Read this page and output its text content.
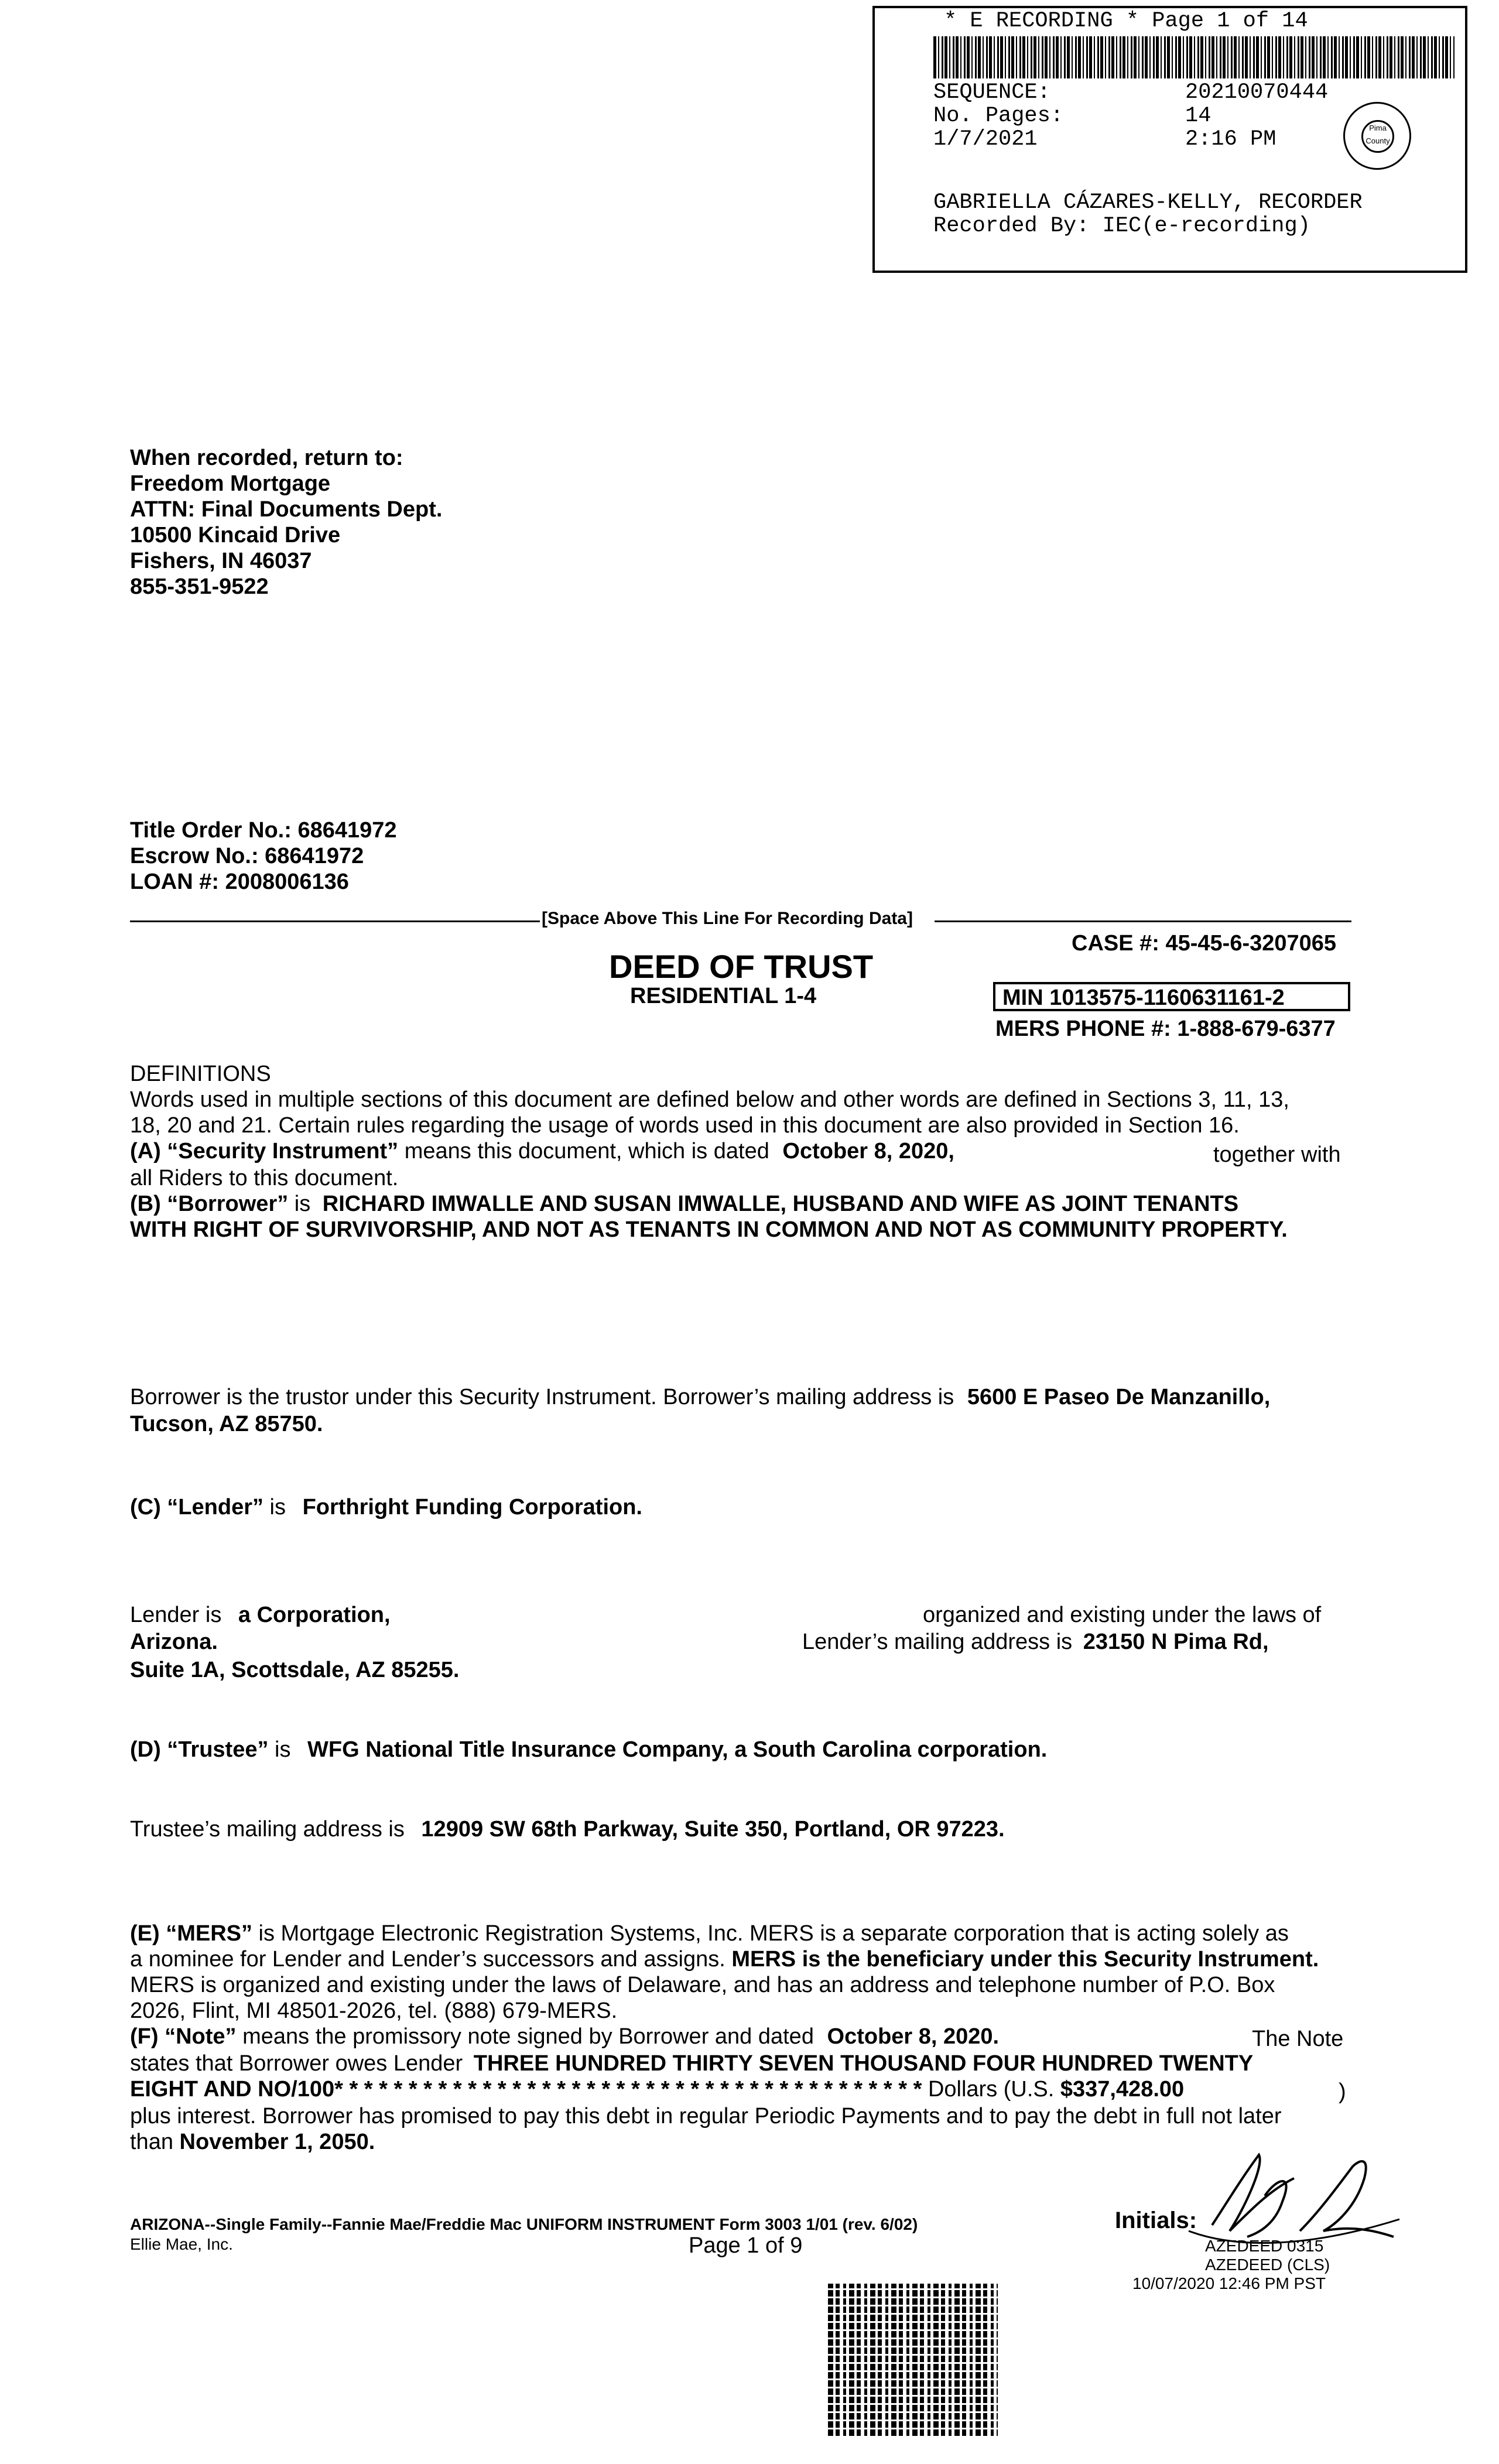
* E RECORDING * Page 1 of 14
SEQUENCE:	20210070444
No. Pages:	14
1/7/2021	2:16 PM	Pima County
GABRIELLA CÁZARES-KELLY, RECORDER
Recorded By: IEC(e-recording)
When recorded, return to:
Freedom Mortgage
ATTN: Final Documents Dept.
10500 Kincaid Drive
Fishers, IN 46037
855-351-9522
Title Order No.: 68641972
Escrow No.: 68641972
LOAN #: 2008006136
[Space Above This Line For Recording Data]
CASE #: 45-45-6-3207065
DEED OF TRUST
RESIDENTIAL 1-4	MIN 1013575-1160631161-2
MERS PHONE #: 1-888-679-6377
DEFINITIONS
Words used in multiple sections of this document are defined below and other words are defined in Sections 3, 11, 13,
18, 20 and 21. Certain rules regarding the usage of words used in this document are also provided in Section 16.
(A) “Security Instrument” means this document, which is dated October 8, 2020,	together with
all Riders to this document.
(B) “Borrower” is RICHARD IMWALLE AND SUSAN IMWALLE, HUSBAND AND WIFE AS JOINT TENANTS
WITH RIGHT OF SURVIVORSHIP, AND NOT AS TENANTS IN COMMON AND NOT AS COMMUNITY PROPERTY.
Borrower is the trustor under this Security Instrument. Borrower’s mailing address is 5600 E Paseo De Manzanillo,
Tucson, AZ 85750.
(C) “Lender” is Forthright Funding Corporation.
Lender is a Corporation,	organized and existing under the laws of
Arizona.	Lender’s mailing address is 23150 N Pima Rd,
Suite 1A, Scottsdale, AZ 85255.
(D) “Trustee” is WFG National Title Insurance Company, a South Carolina corporation.
Trustee’s mailing address is 12909 SW 68th Parkway, Suite 350, Portland, OR 97223.
(E) “MERS” is Mortgage Electronic Registration Systems, Inc. MERS is a separate corporation that is acting solely as
a nominee for Lender and Lender’s successors and assigns. MERS is the beneficiary under this Security Instrument.
MERS is organized and existing under the laws of Delaware, and has an address and telephone number of P.O. Box
2026, Flint, MI 48501-2026, tel. (888) 679-MERS.
(F) “Note” means the promissory note signed by Borrower and dated October 8, 2020.	The Note
states that Borrower owes Lender THREE HUNDRED THIRTY SEVEN THOUSAND FOUR HUNDRED TWENTY
EIGHT AND NO/100* * * * * * * * * * * * * * * * * * * * * * * * * * * * * * * * * * * * * * * * Dollars (U.S. $337,428.00	)
plus interest. Borrower has promised to pay this debt in regular Periodic Payments and to pay the debt in full not later
than November 1, 2050.
ARIZONA--Single Family--Fannie Mae/Freddie Mac UNIFORM INSTRUMENT Form 3003 1/01 (rev. 6/02)
Ellie Mae, Inc.	Page 1 of 9
Initials:
AZEDEED 0315
AZEDEED (CLS)
10/07/2020 12:46 PM PST
